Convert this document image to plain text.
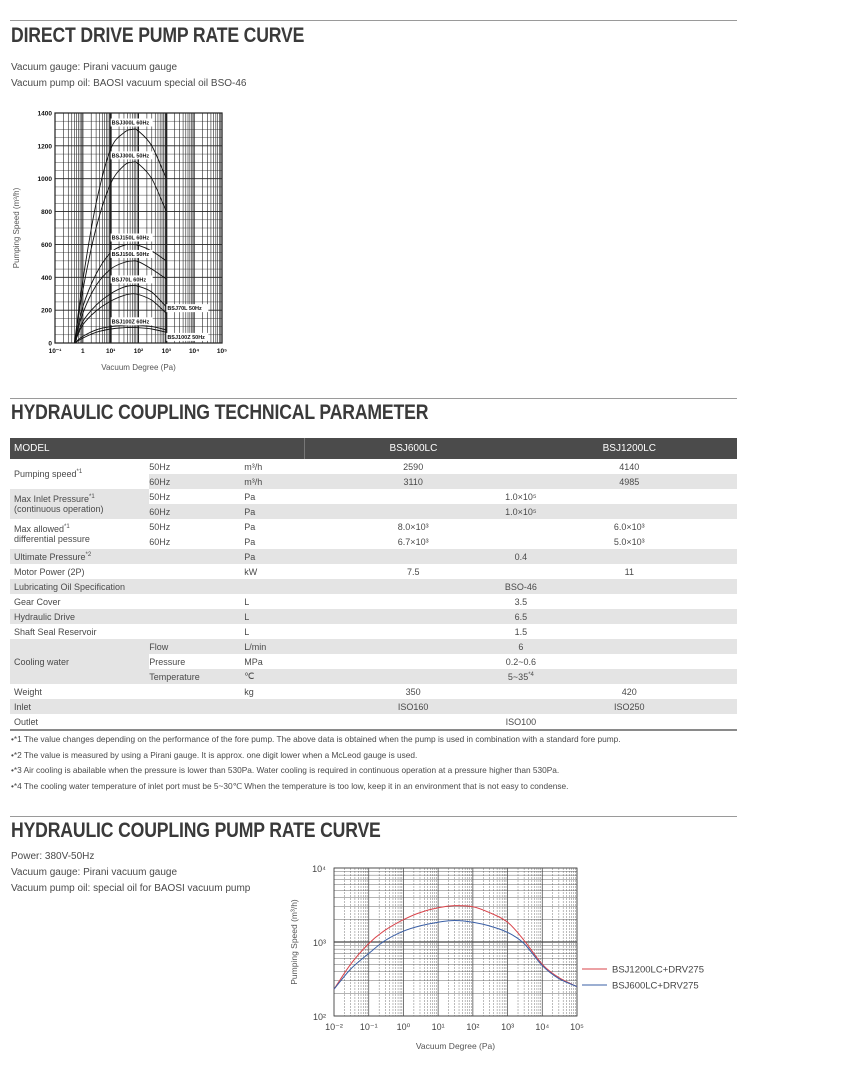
DIRECT DRIVE PUMP RATE CURVE
Vacuum gauge: Pirani vacuum gauge
Vacuum pump oil: BAOSI vacuum special oil BSO-46
0
200
400
600
800
1000
1200
1400
10⁻¹	1	10¹	10²	10³	10⁴	10⁵
Vacuum Degree (Pa)
Pumping Speed (m³/h)
BSJ300L 60Hz
BSJ300L 50Hz
BSJ150L 60Hz
BSJ150L 50Hz
BSJ70L 60Hz
BSJ70L 50Hz
BSJ100Z 60Hz
BSJ100Z 50Hz
HYDRAULIC COUPLING TECHNICAL PARAMETER
MODEL			BSJ600LC	BSJ1200LC
Pumping speed$^{*1}$	50Hz	m³/h	2590	4140
	60Hz	m³/h	3110	4985
Max Inlet Pressure$^{*1}$
(continuous operation)	50Hz	Pa	1.0×10⁵	
	60Hz	Pa	1.0×10⁵	
Max allowed$^{*1}$
differential pessure	50Hz	Pa	8.0×10³	6.0×10³
	60Hz	Pa	6.7×10³	5.0×10³
Ultimate Pressure$^{*2}$		Pa	0.4	
Motor Power (2P)		kW	7.5	11
Lubricating Oil Specification			BSO-46	
Gear Cover		L	3.5	
Hydraulic Drive		L	6.5	
Shaft Seal Reservoir		L	1.5	
Cooling water	Flow	L/min	6	
	Pressure	MPa	0.2~0.6	
	Temperature	℃	5~35$^{*4}$
Weight		kg	350	420
Inlet			ISO160	ISO250
Outlet			ISO100	
•*1 The value changes depending on the performance of the fore pump. The above data is obtained when the pump is used in combination with a standard fore pump.
•*2 The value is measured by using a Pirani gauge. It is approx. one digit lower when a McLeod gauge is used.
•*3 Air cooling is abailable when the pressure is lower than 530Pa. Water cooling is required in continuous operation at a pressure higher than 530Pa.
•*4 The cooling water temperature of inlet port must be 5~30℃ When the temperature is too low, keep it in an environment that is not easy to condense.
HYDRAULIC COUPLING PUMP RATE CURVE
Power: 380V-50Hz
Vacuum gauge: Pirani vacuum gauge
Vacuum pump oil: special oil for BAOSI vacuum pump
10²
10³
10⁴
10⁻² 10⁻¹ 10⁰ 10¹ 10² 10³ 10⁴ 10⁵
Vacuum Degree (Pa)
Pumping Speed (m³/h)	BSJ1200LC+DRV275
BSJ600LC+DRV275
